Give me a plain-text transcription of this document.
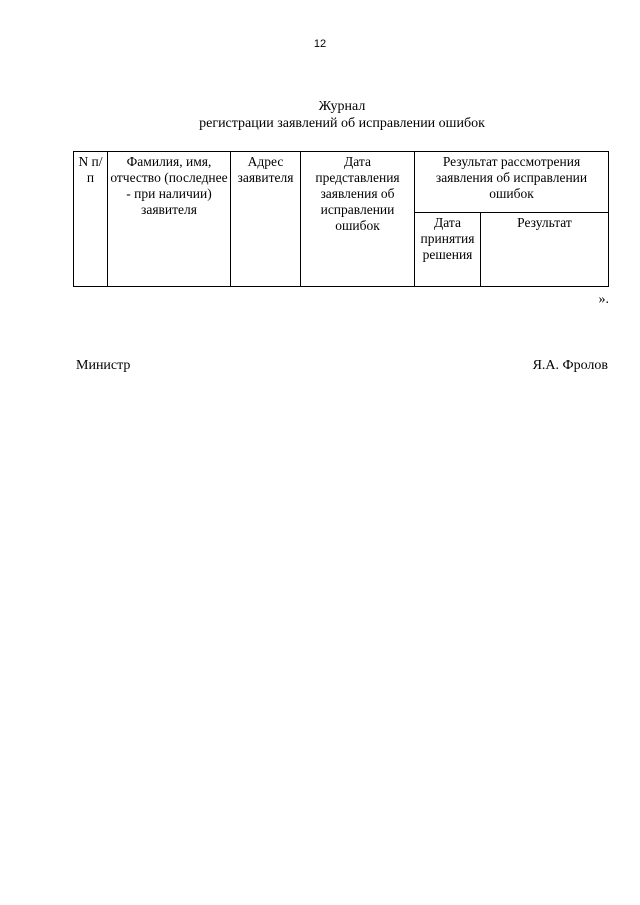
12
Журнал
регистрации заявлений об исправлении ошибок
N п/п	Фамилия, имя, отчество (последнее - при наличии) заявителя	Адрес заявителя	Дата представления заявления об исправлении ошибок	Результат рассмотрения заявления об исправлении ошибок	
				Дата принятия решения	Результат
».
Министр	Я.А. Фролов
